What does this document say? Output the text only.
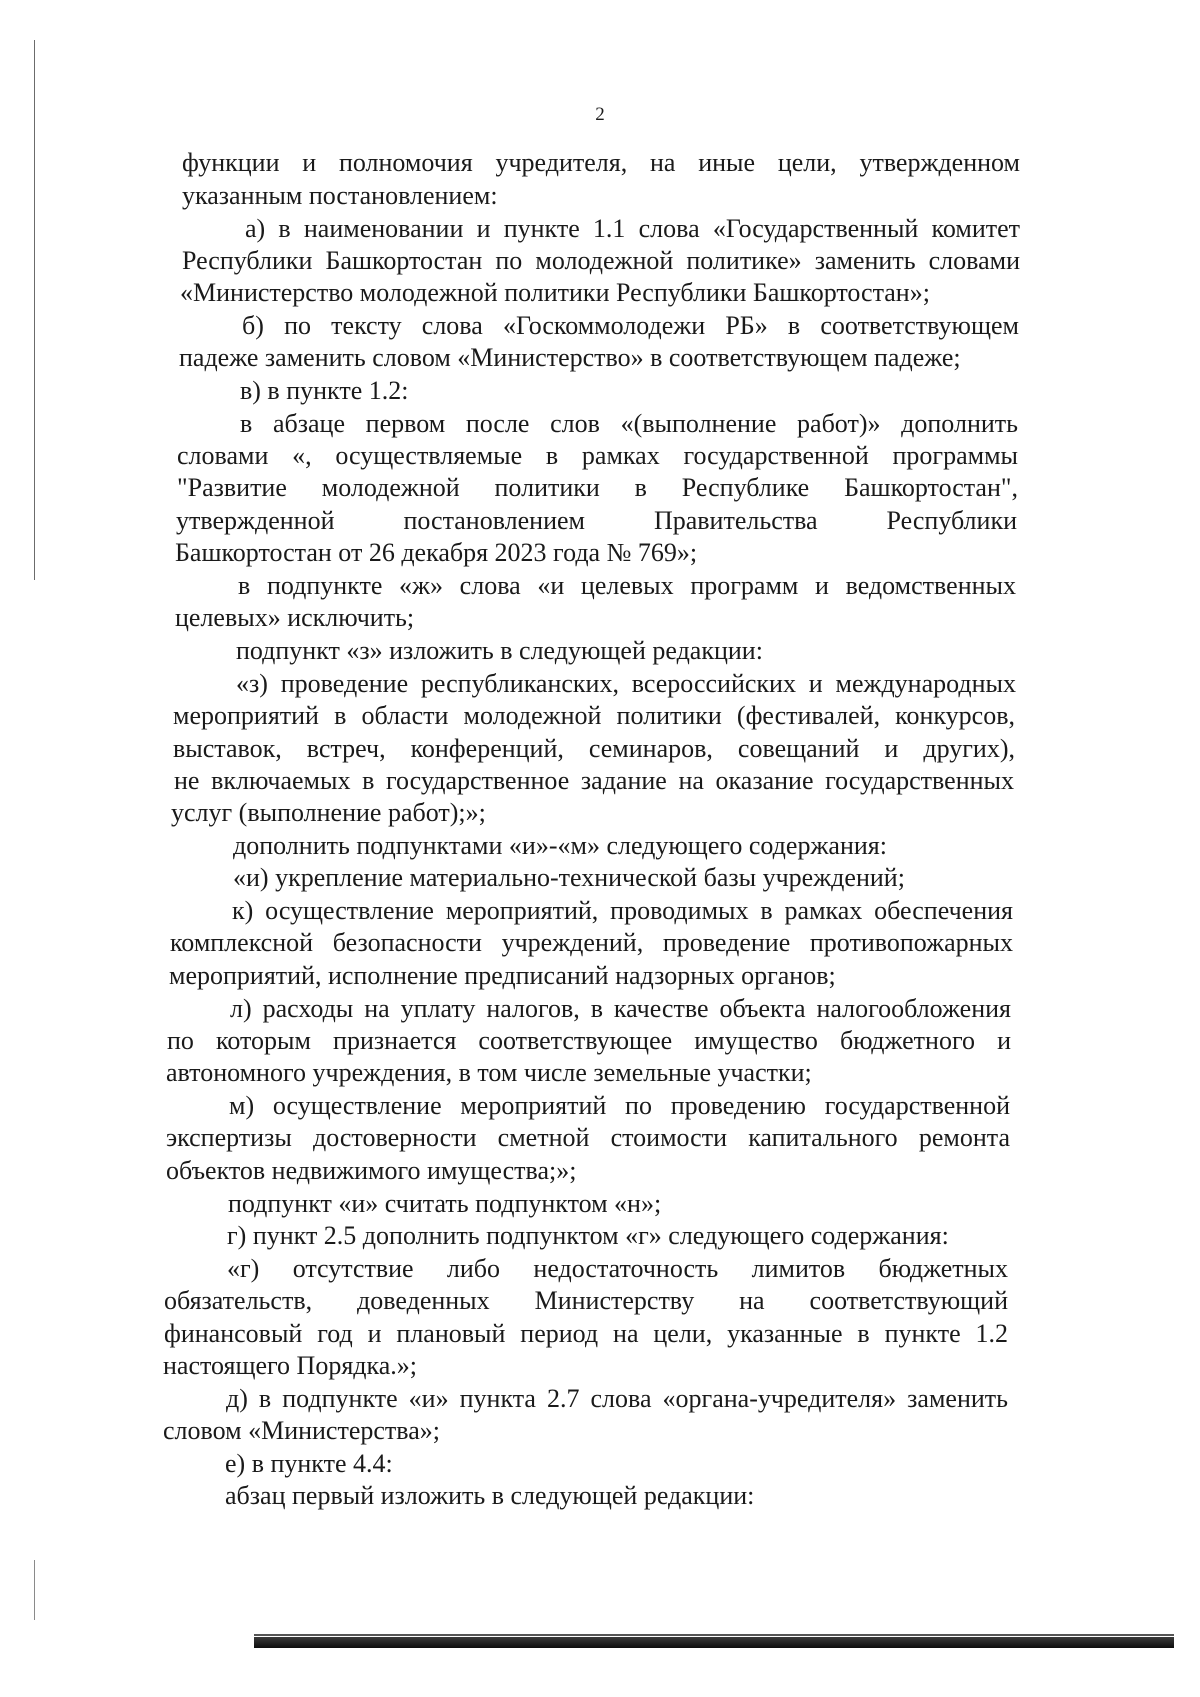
2
функции и полномочия учредителя, на иные цели, утвержденном
указанным постановлением:
а) в наименовании и пункте 1.1 слова «Государственный комитет
Республики Башкортостан по молодежной политике» заменить словами
«Министерство молодежной политики Республики Башкортостан»;
б) по тексту слова «Госкоммолодежи РБ» в соответствующем
падеже заменить словом «Министерство» в соответствующем падеже;
в) в пункте 1.2:
в абзаце первом после слов «(выполнение работ)» дополнить
словами «, осуществляемые в рамках государственной программы
"Развитие молодежной политики в Республике Башкортостан",
утвержденной постановлением Правительства Республики
Башкортостан от 26 декабря 2023 года № 769»;
в подпункте «ж» слова «и целевых программ и ведомственных
целевых» исключить;
подпункт «з» изложить в следующей редакции:
«з) проведение республиканских, всероссийских и международных
мероприятий в области молодежной политики (фестивалей, конкурсов,
выставок, встреч, конференций, семинаров, совещаний и других),
не включаемых в государственное задание на оказание государственных
услуг (выполнение работ);»;
дополнить подпунктами «и»-«м» следующего содержания:
«и) укрепление материально-технической базы учреждений;
к) осуществление мероприятий, проводимых в рамках обеспечения
комплексной безопасности учреждений, проведение противопожарных
мероприятий, исполнение предписаний надзорных органов;
л) расходы на уплату налогов, в качестве объекта налогообложения
по которым признается соответствующее имущество бюджетного и
автономного учреждения, в том числе земельные участки;
м) осуществление мероприятий по проведению государственной
экспертизы достоверности сметной стоимости капитального ремонта
объектов недвижимого имущества;»;
подпункт «и» считать подпунктом «н»;
г) пункт 2.5 дополнить подпунктом «г» следующего содержания:
«г) отсутствие либо недостаточность лимитов бюджетных
обязательств, доведенных Министерству на соответствующий
финансовый год и плановый период на цели, указанные в пункте 1.2
настоящего Порядка.»;
д) в подпункте «и» пункта 2.7 слова «органа-учредителя» заменить
словом «Министерства»;
е) в пункте 4.4:
абзац первый изложить в следующей редакции:
